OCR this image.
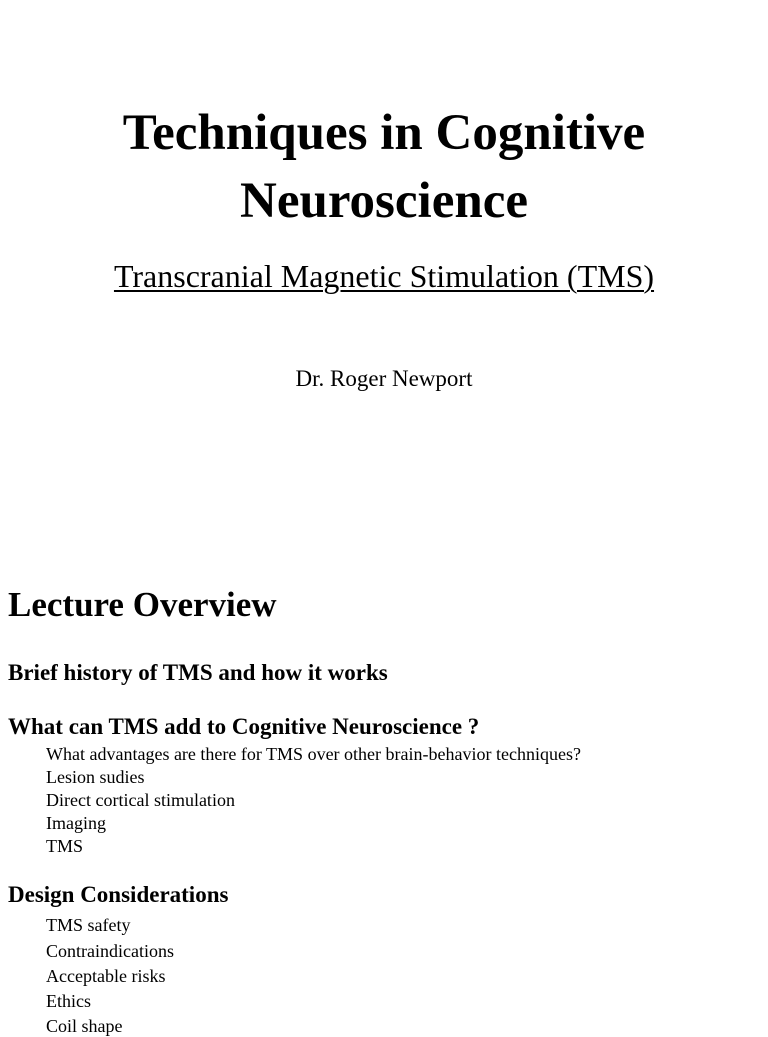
Techniques in Cognitive
Neuroscience
Transcranial Magnetic Stimulation (TMS)
Dr. Roger Newport
Lecture Overview
Brief history of TMS and how it works
What can TMS add to Cognitive Neuroscience ?
What advantages are there for TMS over other brain-behavior techniques?
Lesion sudies
Direct cortical stimulation
Imaging
TMS
Design Considerations
TMS safety
Contraindications
Acceptable risks
Ethics
Coil shape
